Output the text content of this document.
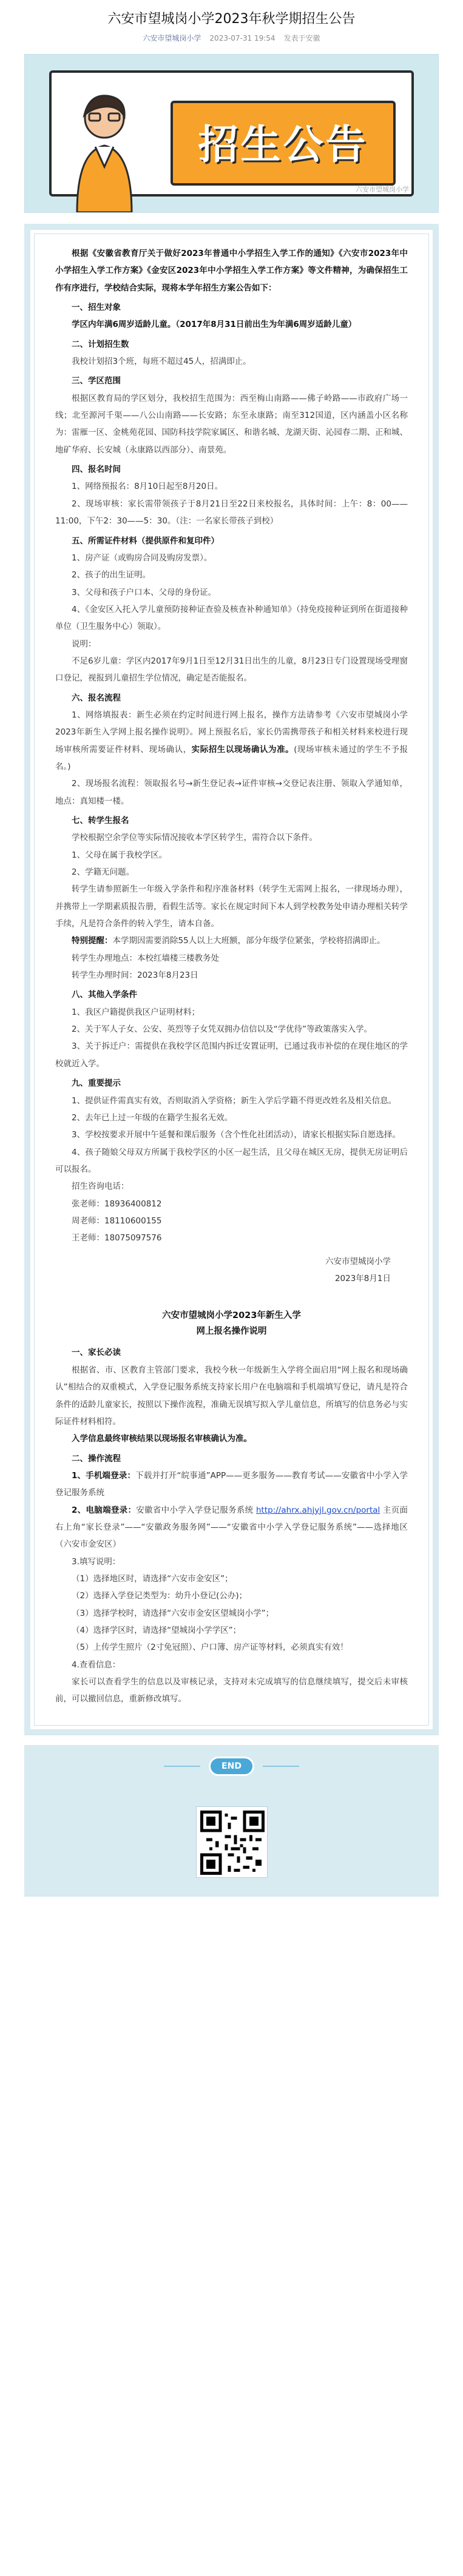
六安市望城岗小学2023年秋学期招生公告
六安市望城岗小学 2023-07-31 19:54 发表于安徽
招生公告
六安市望城岗小学

根据《安徽省教育厅关于做好2023年普通中小学招生入学工作的通知》《六安市2023年中小学招生入学工作方案》《金安区2023年中小学招生入学工作方案》等文件精神，为确保招生工作有序进行，学校结合实际，现将本学年招生方案公告如下：

一、招生对象

学区内年满6周岁适龄儿童。（2017年8月31日前出生为年满6周岁适龄儿童）

二、计划招生数

我校计划招3个班，每班不超过45人，招满即止。

三、学区范围

根据区教育局的学区划分，我校招生范围为：西至梅山南路——佛子岭路——市政府广场一线；北至源河千渠——八公山南路——长安路；东至永康路；南至312国道，区内涵盖小区名称为：雷雁一区、金桃苑花园、国防科技学院家属区、和谐名城、龙湖天街、沁园春二期、正和城、地矿华府、长安城（永康路以西部分）、南景苑。

四、报名时间

1、网络预报名：8月10日起至8月20日。

2、现场审核：家长需带领孩子于8月21日至22日来校报名，具体时间：上午：8：00——11:00，下午2：30——5：30。（注：一名家长带孩子到校）

五、所需证件材料（提供原件和复印件）

1、房产证（或购房合同及购房发票）。

2、孩子的出生证明。

3、父母和孩子户口本、父母的身份证。

4、《金安区入托入学儿童预防接种证查验及核查补种通知单》（持免疫接种证到所在街道接种单位（卫生服务中心）领取）。

说明：

不足6岁儿童：学区内2017年9月1日至12月31日出生的儿童，8月23日专门设置现场受理窗口登记，视报到儿童招生学位情况，确定是否能报名。

六、报名流程

1、网络填报表：新生必须在约定时间进行网上报名，操作方法请参考《六安市望城岗小学2023年新生入学网上报名操作说明》。网上预报名后，家长仍需携带孩子和相关材料来校进行现场审核所需要证件材料、现场确认，实际招生以现场确认为准。(现场审核未通过的学生不予报名。)

2、现场报名流程：领取报名号→新生登记表→证件审核→交登记表注册、领取入学通知单，地点：真知楼一楼。

七、转学生报名

学校根据空余学位等实际情况接收本学区转学生，需符合以下条件。

1、父母在属于我校学区。

2、学籍无问题。

转学生请参照新生一年级入学条件和程序准备材料（转学生无需网上报名，一律现场办理），并携带上一学期素质报告册，看假生活等。家长在规定时间下本人到学校教务处申请办理相关转学手续，凡是符合条件的转入学生，请本自备。

特别提醒：本学期因需要消除55人以上大班额，部分年级学位紧张，学校将招满即止。

转学生办理地点：本校红墙楼三楼教务处

转学生办理时间：2023年8月23日

八、其他入学条件

1、我区户籍提供我区户证明材料；

2、关于军人子女、公安、英烈等子女凭双拥办信信以及“学优待”等政策落实入学。

3、关于拆迁户：需提供在我校学区范围内拆迁安置证明，已通过我市补偿的在现住地区的学校就近入学。

九、重要提示

1、提供证件需真实有效，否则取消入学资格；新生入学后学籍不得更改姓名及相关信息。

2、去年已上过一年级的在籍学生报名无效。

3、学校按要求开展中午延餐和课后服务（含个性化社团活动），请家长根据实际自愿选择。

4、孩子随娘父母双方所属于我校学区的小区一起生活，且父母在城区无房，提供无房证明后可以报名。

招生咨询电话：

张老师：18936400812

周老师：18110600155

王老师：18075097576

六安市望城岗小学

2023年8月1日

六安市望城岗小学2023年新生入学
网上报名操作说明

一、家长必读

根据省、市、区教育主管部门要求，我校今秋一年级新生入学将全面启用“网上报名和现场确认”相结合的双重模式，入学登记服务系统支持家长用户在电脑端和手机端填写登记，请凡是符合条件的适龄儿童家长，按照以下操作流程，准确无误填写拟入学儿童信息，所填写的信息务必与实际证件材料相符。

入学信息最终审核结果以现场报名审核确认为准。

二、操作流程

1、手机端登录：下载并打开“皖事通”APP——更多服务——教育考试——安徽省中小学入学登记服务系统

2、电脑端登录：安徽省中小学入学登记服务系统 http://ahrx.ahjyjl.gov.cn/portal 主页面右上角“家长登录”——“安徽政务服务网”——“安徽省中小学入学登记服务系统”——选择地区（六安市金安区）

3.填写说明：

（1）选择地区时，请选择“六安市金安区”；

（2）选择入学登记类型为：幼升小登记(公办)；

（3）选择学校时，请选择“六安市金安区望城岗小学”；

（4）选择学区时，请选择“望城岗小学学区”；

（5）上传学生照片（2寸免冠照）、户口簿、房产证等材料，必须真实有效！

4.查看信息：

家长可以查看学生的信息以及审核记录，支持对未完成填写的信息继续填写，提交后未审核前，可以撤回信息，重新修改填写。

END
